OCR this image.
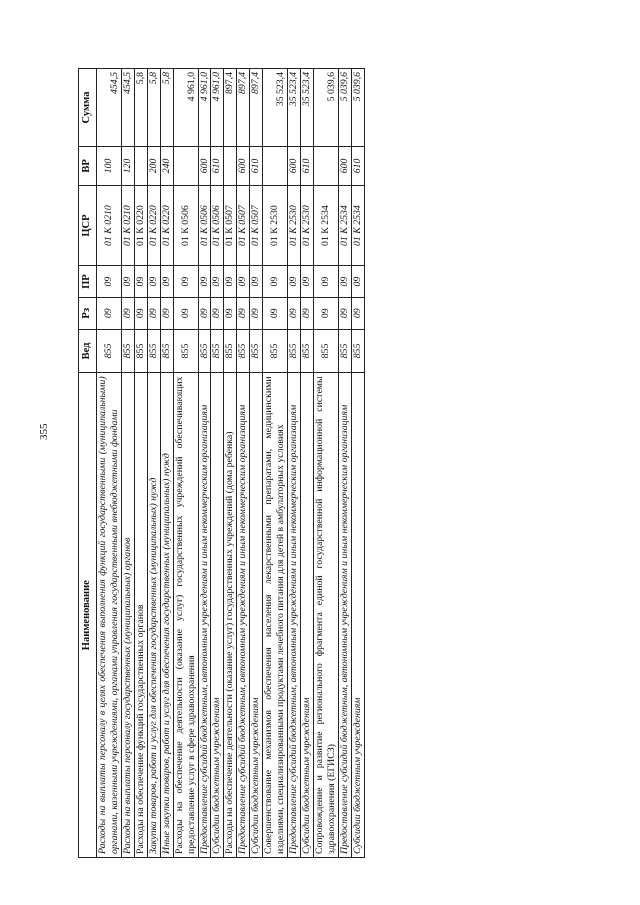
355
Наименование	Вед	Рз	ПР	ЦСР	ВР	Сумма
Расходы на выплаты персоналу в целях обеспечения выполнения функций государственными (муниципальными) органами, казенными учреждениями, органами управления государственными внебюджетными фондами	855	09	09	01 К 0210	100	454,5
Расходы на выплаты персоналу государственных (муниципальных) органов	855	09	09	01 К 0210	120	454,5
Расходы на обеспечение функций государственных органов	855	09	09	01 К 0220		5,8
Закупка товаров, работ и услуг для обеспечения государственных (муниципальных) нужд	855	09	09	01 К 0220	200	5,8
Иные закупки товаров, работ и услуг для обеспечения государственных (муниципальных) нужд	855	09	09	01 К 0220	240	5,8
Расходы на обеспечение деятельности (оказание услуг) государственных учреждений обеспечивающих предоставление услуг в сфере здравоохранения	855	09	09	01 К 0506		4 961,0
Предоставление субсидий бюджетным, автономным учреждениям и иным некоммерческим организациям	855	09	09	01 К 0506	600	4 961,0
Субсидии бюджетным учреждениям	855	09	09	01 К 0506	610	4 961,0
Расходы на обеспечение деятельности (оказание услуг) государственных учреждений (дома ребенка)	855	09	09	01 К 0507		897,4
Предоставление субсидий бюджетным, автономным учреждениям и иным некоммерческим организациям	855	09	09	01 К 0507	600	897,4
Субсидии бюджетным учреждениям	855	09	09	01 К 0507	610	897,4
Совершенствование механизмов обеспечения населения лекарственными препаратами, медицинскими изделиями, специализированными продуктами лечебного питания для детей в амбулаторных условиях	855	09	09	01 К 2530		35 523,4
Предоставление субсидий бюджетным, автономным учреждениям и иным некоммерческим организациям	855	09	09	01 К 2530	600	35 523,4
Субсидии бюджетным учреждениям	855	09	09	01 К 2530	610	35 523,4
Сопровождение и развитие регионального фрагмента единой государственной информационной системы здравоохранения (ЕГИСЗ)	855	09	09	01 К 2534		5 039,6
Предоставление субсидий бюджетным, автономным учреждениям и иным некоммерческим организациям	855	09	09	01 К 2534	600	5 039,6
Субсидии бюджетным учреждениям	855	09	09	01 К 2534	610	5 039,6
